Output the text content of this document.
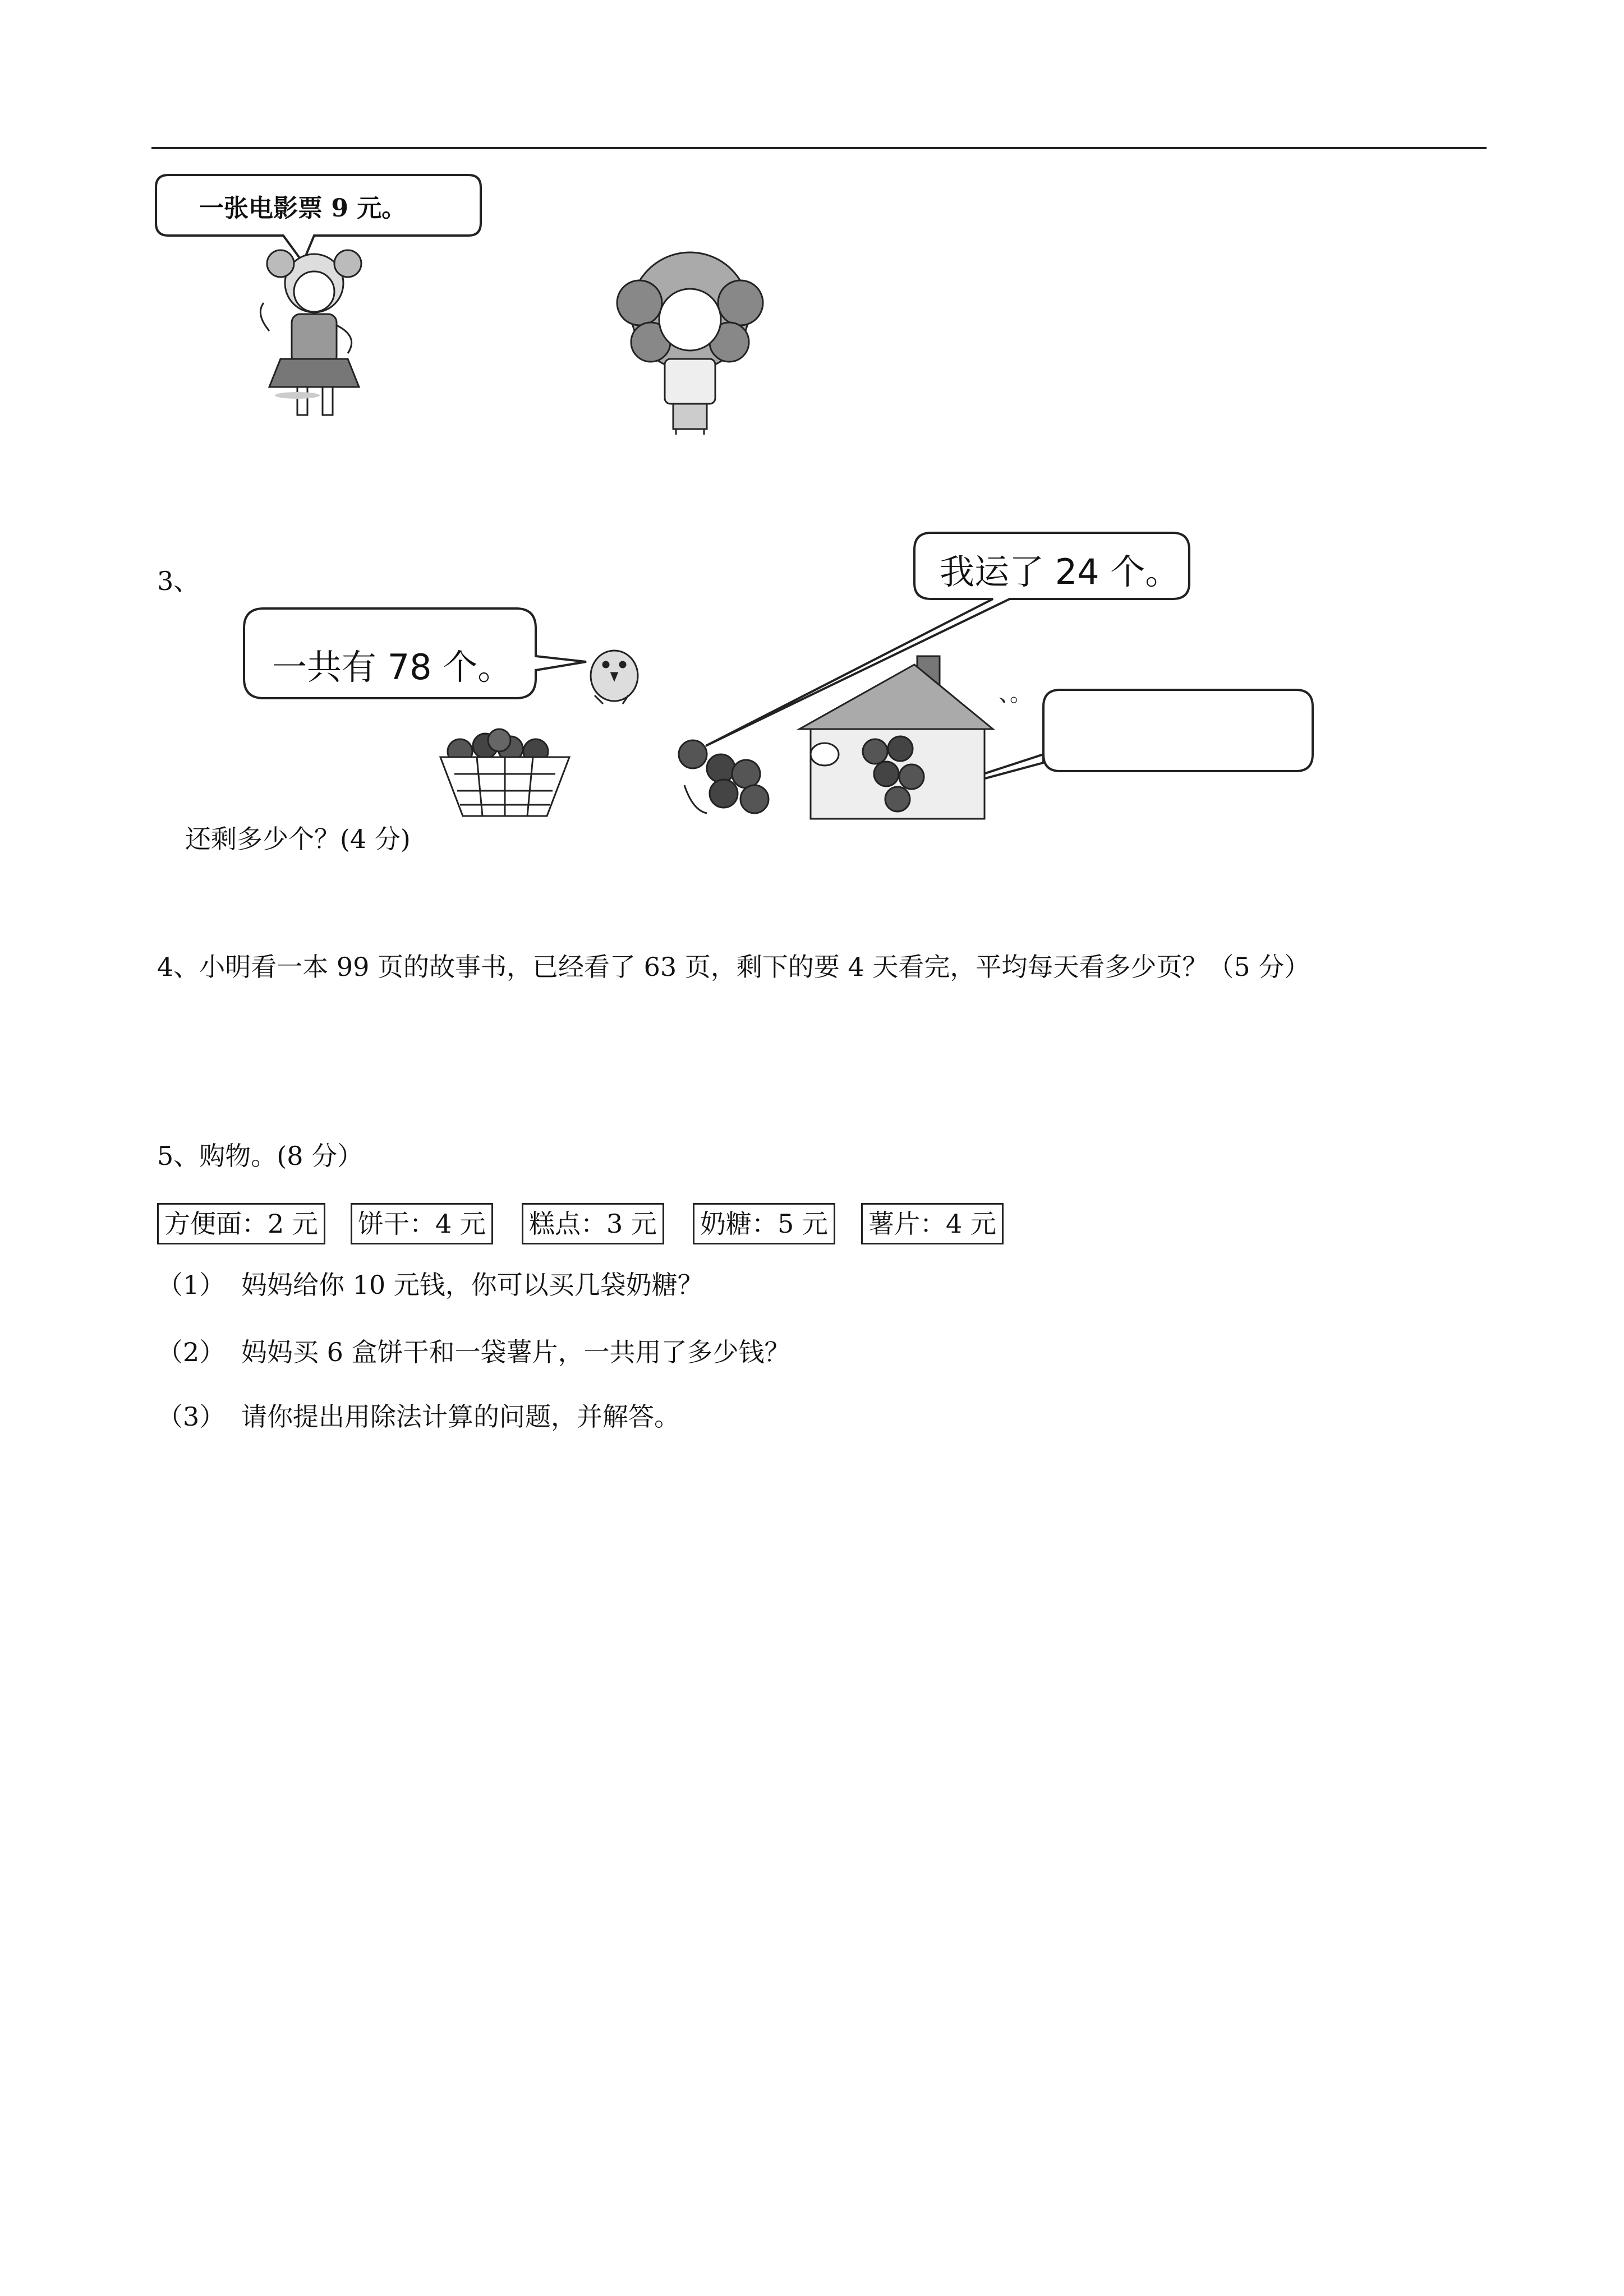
、。
一张电影票 9 元。
我运了 24 个。
一共有 78 个。
3、
还剩多少个？(4 分)
4、小明看一本 99 页的故事书，已经看了 63 页，剩下的要 4 天看完，平均每天看多少页？（5 分）
5、购物。(8 分）
方便面：2 元 饼干：4 元 糕点：3 元 奶糖：5 元 薯片：4 元
（1） 妈妈给你 10 元钱，你可以买几袋奶糖？
（2） 妈妈买 6 盒饼干和一袋薯片，一共用了多少钱？
（3） 请你提出用除法计算的问题，并解答。
